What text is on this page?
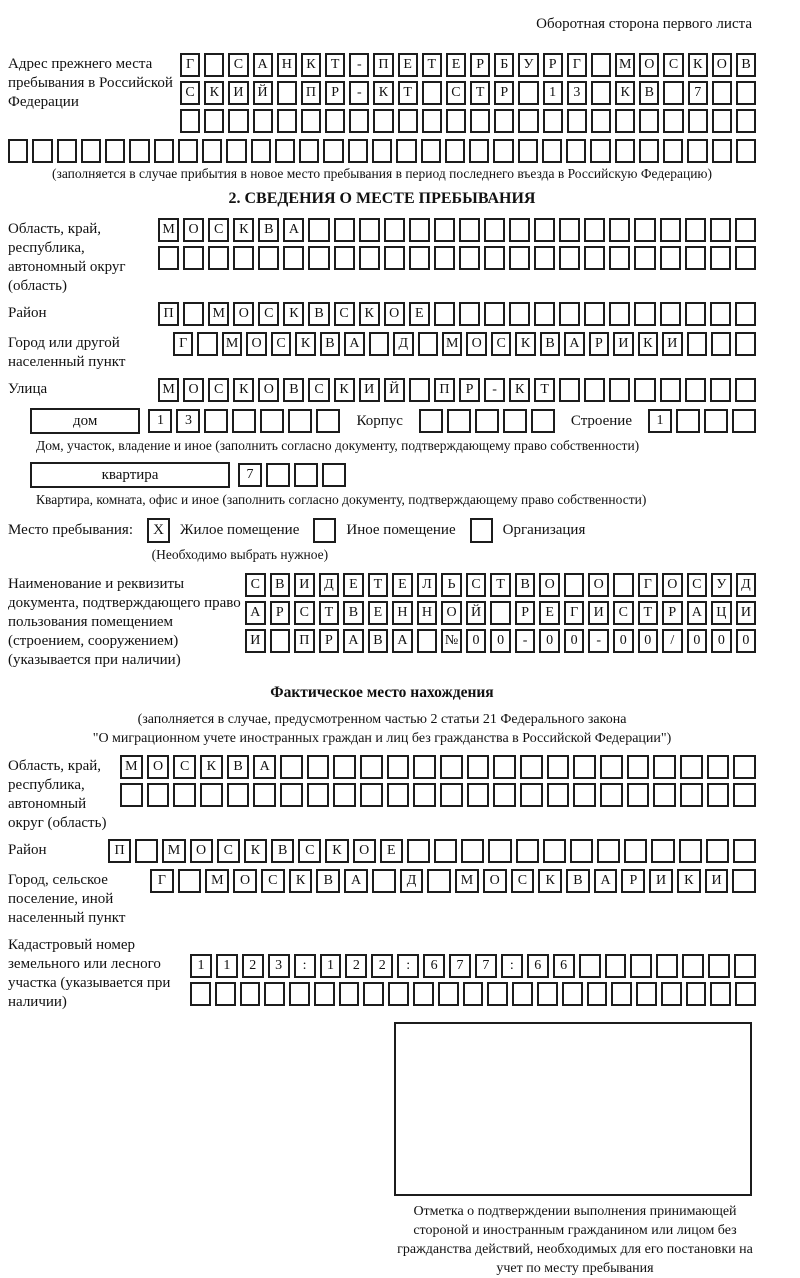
Оборотная сторона первого листа
Адрес прежнего места пребывания в Российской Федерации
Г	С	А	Н	К	Т	-	П	Е	Т	Е	Р	Б	У	Р	Г	М О	С	К	О	В
С	К	И	Й	П	Р	-	К	Т	С	Т	Р	1	3	К	В	7
(заполняется в случае прибытия в новое место пребывания в период последнего въезда в Российскую Федерацию)
2. СВЕДЕНИЯ О МЕСТЕ ПРЕБЫВАНИЯ
Область, край, республика, автономный округ (область)
М О	С	К	В	А
Район	П	М О	С	К	В	С	К	О	Е
Город или другой населенный пункт
Г	М О	С	К	В	А	Д	М О	С	К	В	А	Р	И	К	И
Улица	М О	С	К	О	В	С	К	И	Й	П	Р	-	К	Т
дом	1	3	Корпус	Строение	1
Дом, участок, владение и иное (заполнить согласно документу, подтверждающему право собственности)
квартира	7
Квартира, комната, офис и иное (заполнить согласно документу, подтверждающему право собственности)
Место пребывания:	X	Жилое помещение	Иное помещение	Организация
(Необходимо выбрать нужное)
Наименование и реквизиты документа, подтверждающего право пользования помещением (строением, сооружением) (указывается при наличии)
С	В	И	Д	Е	Т	Е	Л	Ь	С	Т	В	О	О	Г	О	С	У	Д
А	Р	С	Т	В	Е	Н	Н	О	Й	Р	Е	Г	И	С	Т	Р	А	Ц	И
И	П	Р	А	В	А	№	0	0	-	0	0	-	0	0	/	0	0	0
Фактическое место нахождения
(заполняется в случае, предусмотренном частью 2 статьи 21 Федерального закона
"О миграционном учете иностранных граждан и лиц без гражданства в Российской Федерации")
Область, край, республика, автономный округ (область)
М	О	С	К	В	А
Район	П	М	О	С	К	В	С	К	О	Е
Город, сельское поселение, иной населенный пункт
Г	М	О	С	К	В	А	Д	М	О	С	К	В	А	Р	И	К	И
Кадастровый номер земельного или лесного участка (указывается при наличии)
1	1	2	3	:	1	2	2	:	6	7	7	:	6	6
Отметка о подтверждении выполнения принимающей стороной и иностранным гражданином или лицом без гражданства действий, необходимых для его постановки на учет по месту пребывания
